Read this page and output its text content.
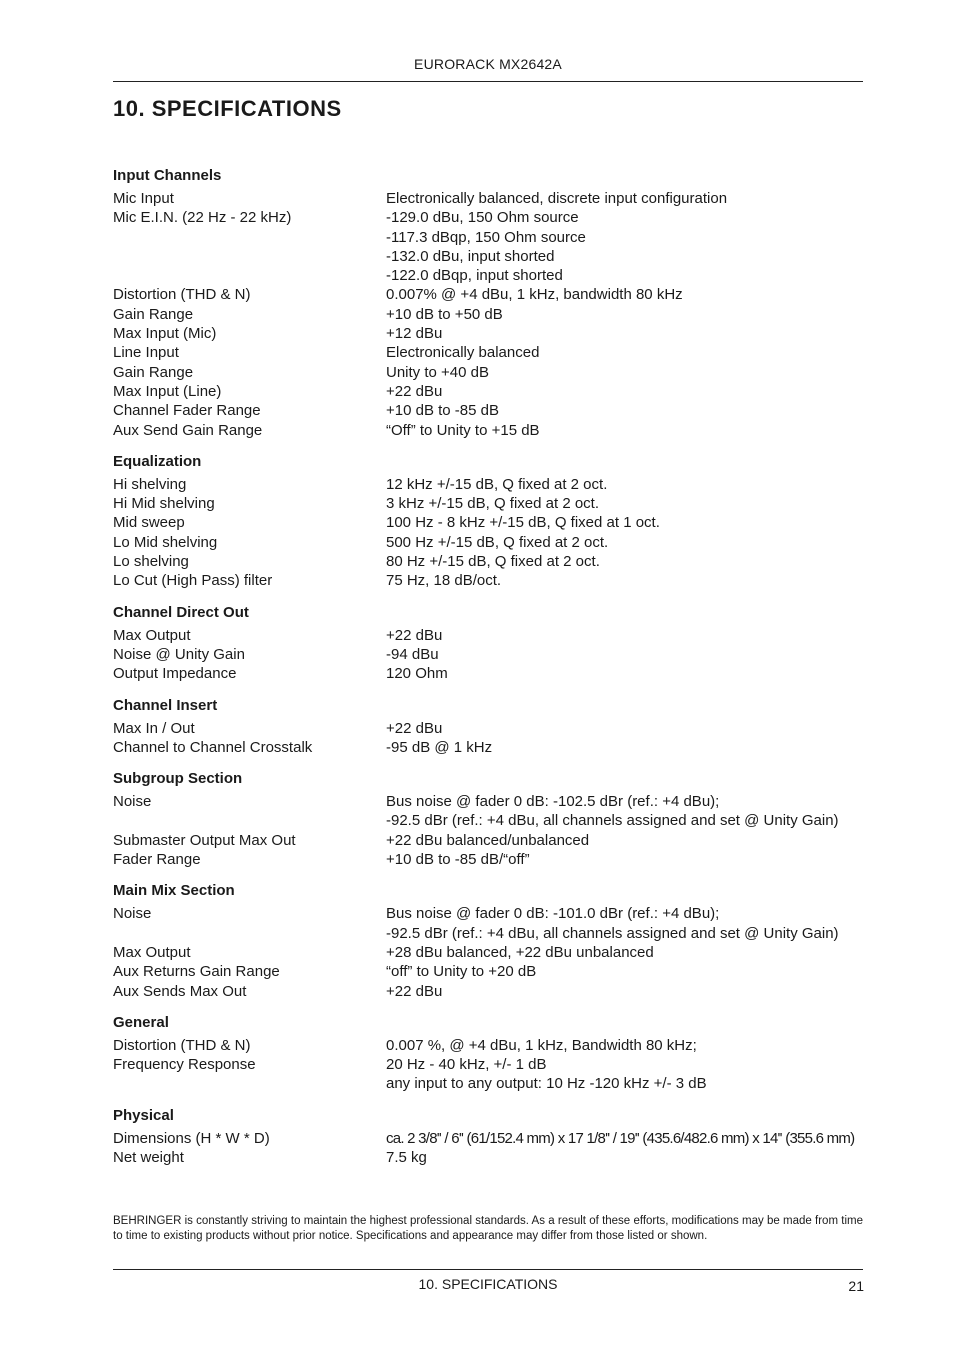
EURORACK MX2642A
10. SPECIFICATIONS
Input Channels
Mic Input	Electronically balanced, discrete input configuration
Mic E.I.N. (22 Hz - 22 kHz)	-129.0 dBu, 150 Ohm source
-117.3 dBqp, 150 Ohm source
-132.0 dBu, input shorted
-122.0 dBqp, input shorted
Distortion (THD & N)	0.007% @ +4 dBu, 1 kHz, bandwidth 80 kHz
Gain Range	+10 dB to +50 dB
Max Input (Mic)	+12 dBu
Line Input	Electronically balanced
Gain Range	Unity to +40 dB
Max Input (Line)	+22 dBu
Channel Fader Range	+10 dB to -85 dB
Aux Send Gain Range	“Off” to Unity to +15 dB
Equalization
Hi shelving	12 kHz +/-15 dB, Q fixed at 2 oct.
Hi Mid shelving	3 kHz +/-15 dB, Q fixed at 2 oct.
Mid sweep	100 Hz - 8 kHz +/-15 dB, Q fixed at 1 oct.
Lo Mid shelving	500 Hz +/-15 dB, Q fixed at 2 oct.
Lo shelving	80 Hz +/-15 dB, Q fixed at 2 oct.
Lo Cut (High Pass) filter	75 Hz, 18 dB/oct.
Channel Direct Out
Max Output	+22 dBu
Noise @ Unity Gain	-94 dBu
Output Impedance	120 Ohm
Channel Insert
Max In / Out	+22 dBu
Channel to Channel Crosstalk	-95 dB @ 1 kHz
Subgroup Section
Noise	Bus noise @ fader 0 dB: -102.5 dBr (ref.: +4 dBu);
-92.5 dBr (ref.: +4 dBu, all channels assigned and set @ Unity Gain)
Submaster Output Max Out	+22 dBu balanced/unbalanced
Fader Range	+10 dB to -85 dB/“off”
Main Mix Section
Noise	Bus noise @ fader 0 dB: -101.0 dBr (ref.: +4 dBu);
-92.5 dBr (ref.: +4 dBu, all channels assigned and set @ Unity Gain)
Max Output	+28 dBu balanced, +22 dBu unbalanced
Aux Returns Gain Range	“off” to Unity to +20 dB
Aux Sends Max Out	+22 dBu
General
Distortion (THD & N)	0.007 %, @ +4 dBu, 1 kHz, Bandwidth 80 kHz;
Frequency Response	20 Hz - 40 kHz, +/- 1 dB
any input to any output: 10 Hz -120 kHz +/- 3 dB
Physical
Dimensions (H * W * D)	ca. 2 3/8'' / 6'' (61/152.4 mm) x 17 1/8'' / 19'' (435.6/482.6 mm) x 14'' (355.6 mm)
Net weight	7.5 kg
BEHRINGER is constantly striving to maintain the highest professional standards. As a result of these efforts, modifications may be made from time to time to existing products without prior notice. Specifications and appearance may differ from those listed or shown.
10. SPECIFICATIONS	21
